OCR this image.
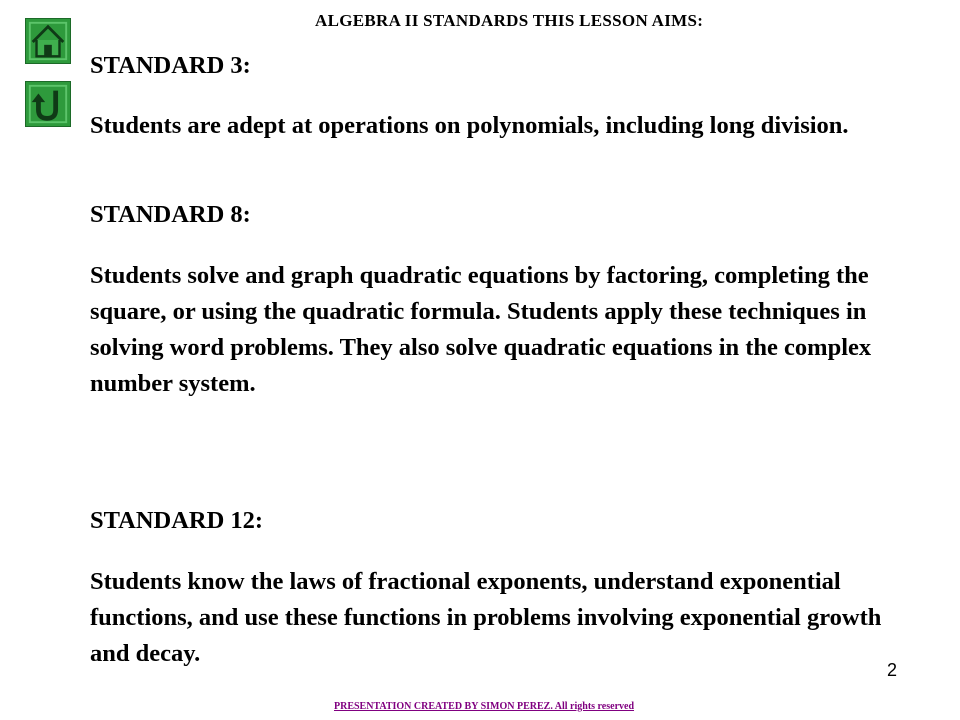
ALGEBRA II STANDARDS THIS LESSON AIMS:

STANDARD 3:

Students are adept at operations on polynomials, including long division.

STANDARD 8:

Students solve and graph quadratic equations by factoring, completing the square, or using the quadratic formula. Students apply these techniques in solving word problems. They also solve quadratic equations in the complex number system.

STANDARD 12:

Students know the laws of fractional exponents, understand exponential functions, and use these functions in problems involving exponential growth and decay.

2
PRESENTATION CREATED BY SIMON PEREZ. All rights reserved
